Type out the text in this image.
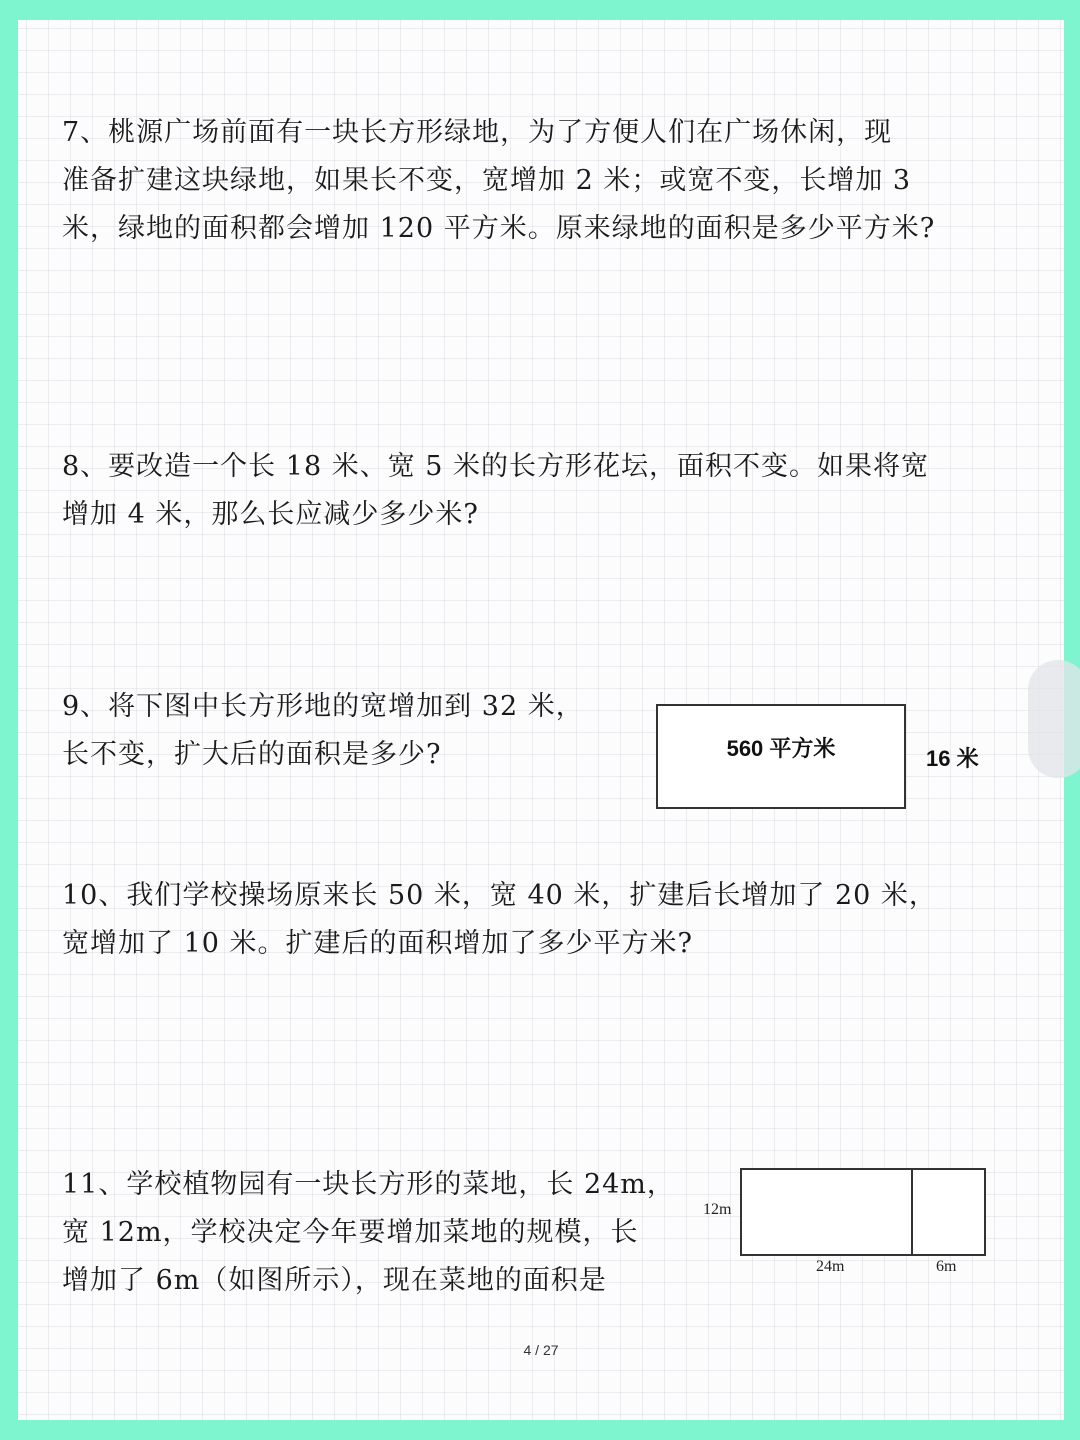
7、桃源广场前面有一块长方形绿地，为了方便人们在广场休闲，现
准备扩建这块绿地，如果长不变，宽增加 2 米；或宽不变，长增加 3
米，绿地的面积都会增加 120 平方米。原来绿地的面积是多少平方米?

8、要改造一个长 18 米、宽 5 米的长方形花坛，面积不变。如果将宽
增加 4 米，那么长应减少多少米?

9、将下图中长方形地的宽增加到 32 米，
长不变，扩大后的面积是多少?	560 平方米	16 米

10、我们学校操场原来长 50 米，宽 40 米，扩建后长增加了 20 米，
宽增加了 10 米。扩建后的面积增加了多少平方米?

11、学校植物园有一块长方形的菜地，长 24m，
宽 12m，学校决定今年要增加菜地的规模，长
增加了 6m（如图所示），现在菜地的面积是

12m
24m	6m
4 / 27
